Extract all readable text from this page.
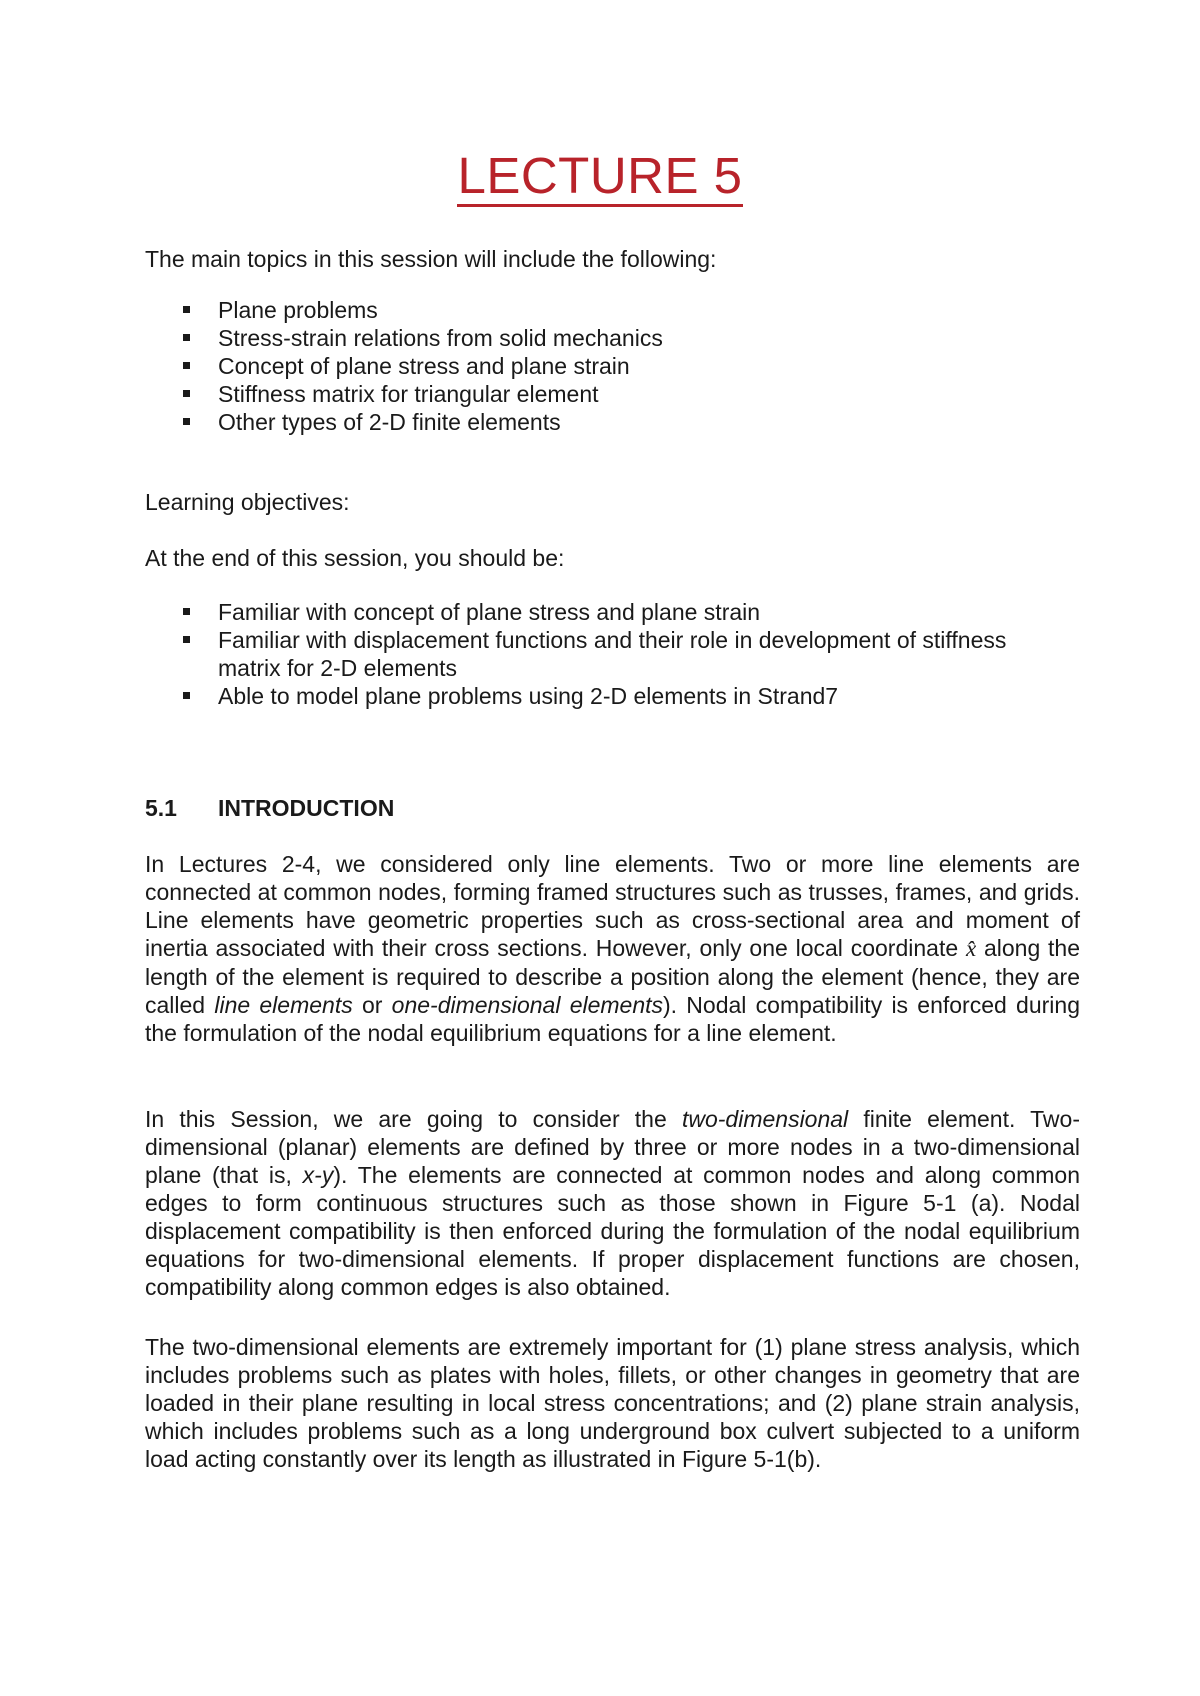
LECTURE 5
The main topics in this session will include the following:
Plane problems
Stress-strain relations from solid mechanics
Concept of plane stress and plane strain
Stiffness matrix for triangular element
Other types of 2-D finite elements
Learning objectives:
At the end of this session, you should be:
Familiar with concept of plane stress and plane strain
Familiar with displacement functions and their role in development of stiffness matrix for 2-D elements
Able to model plane problems using 2-D elements in Strand7
5.1 INTRODUCTION
In Lectures 2-4, we considered only line elements. Two or more line elements are connected at common nodes, forming framed structures such as trusses, frames, and grids. Line elements have geometric properties such as cross-sectional area and moment of inertia associated with their cross sections. However, only one local coordinate x̂ along the length of the element is required to describe a position along the element (hence, they are called line elements or one-dimensional elements). Nodal compatibility is enforced during the formulation of the nodal equilibrium equations for a line element.
In this Session, we are going to consider the two-dimensional finite element. Two-dimensional (planar) elements are defined by three or more nodes in a two-dimensional plane (that is, x-y). The elements are connected at common nodes and along common edges to form continuous structures such as those shown in Figure 5-1 (a). Nodal displacement compatibility is then enforced during the formulation of the nodal equilibrium equations for two-dimensional elements. If proper displacement functions are chosen, compatibility along common edges is also obtained.
The two-dimensional elements are extremely important for (1) plane stress analysis, which includes problems such as plates with holes, fillets, or other changes in geometry that are loaded in their plane resulting in local stress concentrations; and (2) plane strain analysis, which includes problems such as a long underground box culvert subjected to a uniform load acting constantly over its length as illustrated in Figure 5-1(b).
